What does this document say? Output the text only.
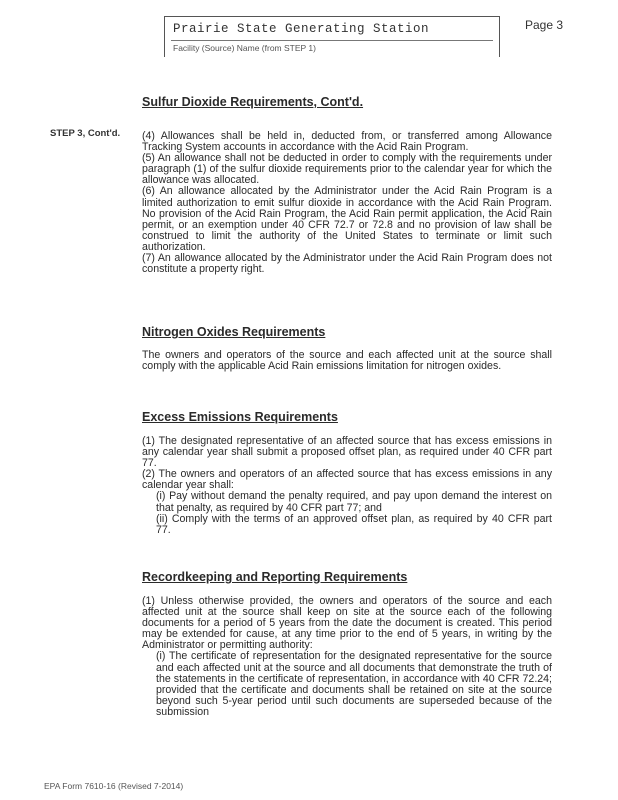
Prairie State Generating Station
Facility (Source) Name (from STEP 1)
Page 3
Sulfur Dioxide Requirements, Cont'd.
STEP 3, Cont'd. (4) Allowances shall be held in, deducted from, or transferred among Allowance Tracking System accounts in accordance with the Acid Rain Program.

(5) An allowance shall not be deducted in order to comply with the requirements under paragraph (1) of the sulfur dioxide requirements prior to the calendar year for which the allowance was allocated.

(6) An allowance allocated by the Administrator under the Acid Rain Program is a limited authorization to emit sulfur dioxide in accordance with the Acid Rain Program. No provision of the Acid Rain Program, the Acid Rain permit application, the Acid Rain permit, or an exemption under 40 CFR 72.7 or 72.8 and no provision of law shall be construed to limit the authority of the United States to terminate or limit such authorization.

(7) An allowance allocated by the Administrator under the Acid Rain Program does not constitute a property right.

Nitrogen Oxides Requirements
The owners and operators of the source and each affected unit at the source shall comply with the applicable Acid Rain emissions limitation for nitrogen oxides.
Excess Emissions Requirements

(1) The designated representative of an affected source that has excess emissions in any calendar year shall submit a proposed offset plan, as required under 40 CFR part 77.

(2) The owners and operators of an affected source that has excess emissions in any calendar year shall:

(i) Pay without demand the penalty required, and pay upon demand the interest on that penalty, as required by 40 CFR part 77; and

(ii) Comply with the terms of an approved offset plan, as required by 40 CFR part 77.

Recordkeeping and Reporting Requirements

(1) Unless otherwise provided, the owners and operators of the source and each affected unit at the source shall keep on site at the source each of the following documents for a period of 5 years from the date the document is created. This period may be extended for cause, at any time prior to the end of 5 years, in writing by the Administrator or permitting authority:

(i) The certificate of representation for the designated representative for the source and each affected unit at the source and all documents that demonstrate the truth of the statements in the certificate of representation, in accordance with 40 CFR 72.24; provided that the certificate and documents shall be retained on site at the source beyond such 5-year period until such documents are superseded because of the submission

EPA Form 7610-16 (Revised 7-2014)
